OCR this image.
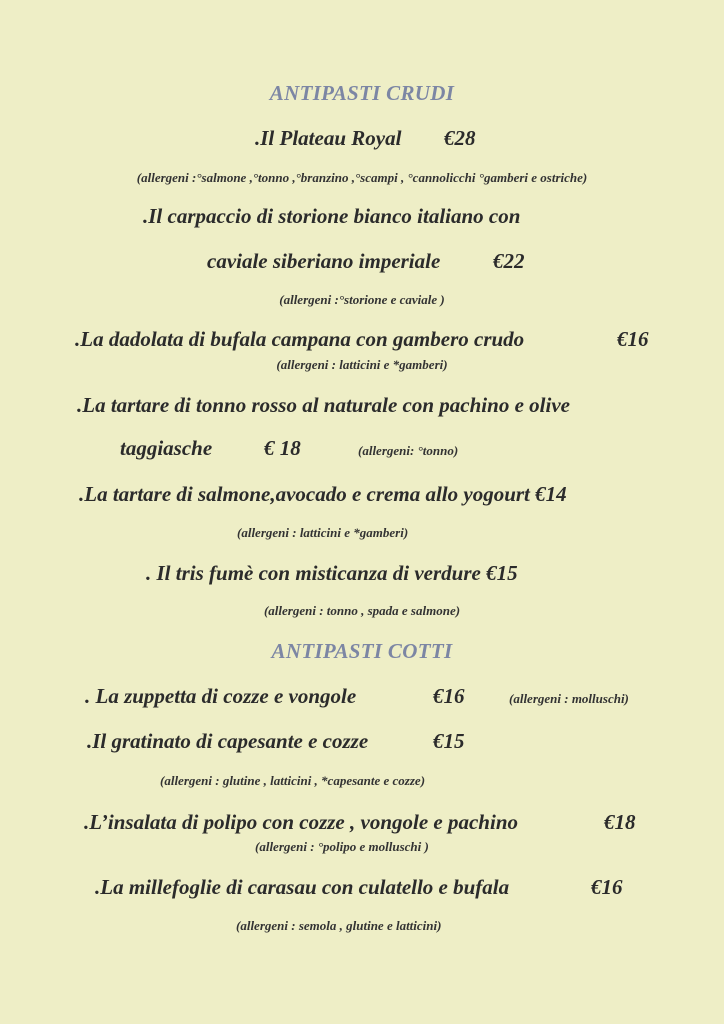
ANTIPASTI CRUDI
.Il Plateau Royal €28
(allergeni :°salmone ,°tonno ,°branzino ,°scampi , °cannolicchi °gamberi e ostriche)
.Il carpaccio di storione bianco italiano con
caviale siberiano imperiale	€22
(allergeni :°storione e caviale )
.La dadolata di bufala campana con gambero crudo	€16
(allergeni : latticini e *gamberi)
.La tartare di tonno rosso al naturale con pachino e olive
taggiasche € 18	(allergeni: °tonno)
.La tartare di salmone,avocado e crema allo yogourt €14
(allergeni : latticini e *gamberi)
. Il tris fumè con misticanza di verdure €15
(allergeni : tonno , spada e salmone)
ANTIPASTI COTTI
. La zuppetta di cozze e vongole	€16	(allergeni : molluschi)
.Il gratinato di capesante e cozze	€15
(allergeni : glutine , latticini , *capesante e cozze)
.L’insalata di polipo con cozze , vongole e pachino	€18
(allergeni : °polipo e molluschi )
.La millefoglie di carasau con culatello e bufala	€16
(allergeni : semola , glutine e latticini)
